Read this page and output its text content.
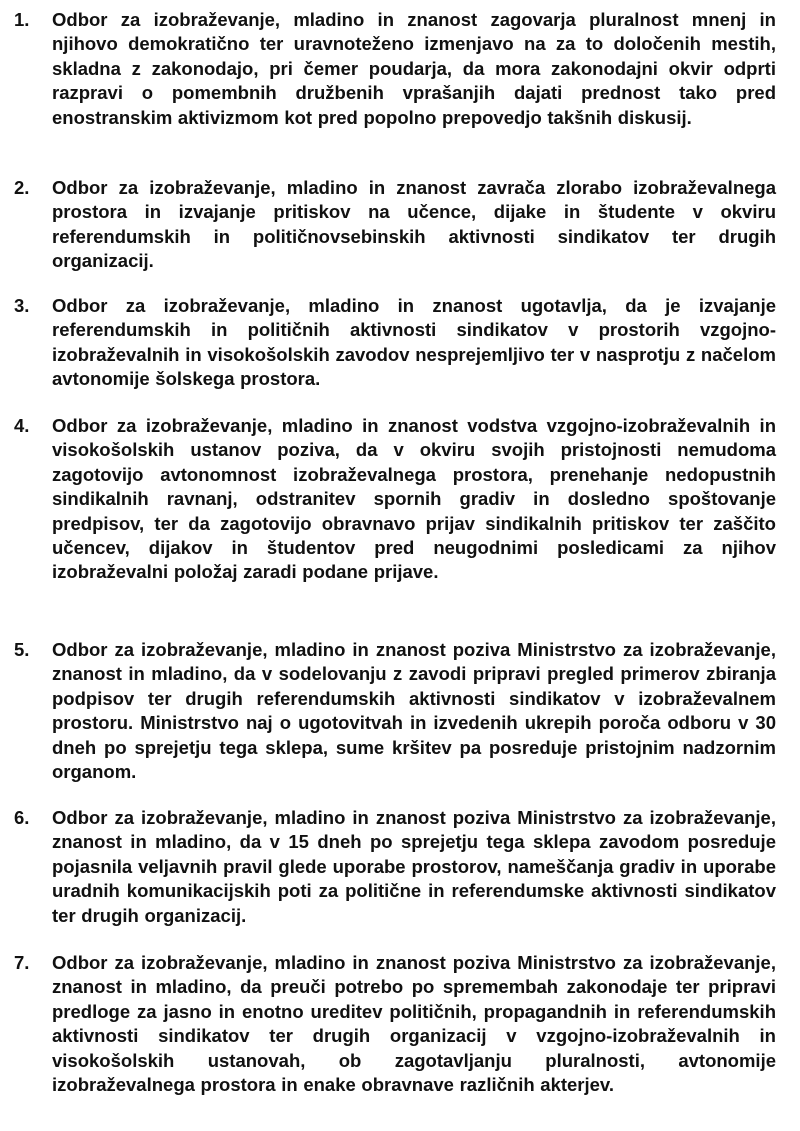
1.	Odbor za izobraževanje, mladino in znanost zagovarja pluralnost mnenj in njihovo demokratično ter uravnoteženo izmenjavo na za to določenih mestih, skladna z zakonodajo, pri čemer poudarja, da mora zakonodajni okvir odprti razpravi o pomembnih družbenih vprašanjih dajati prednost tako pred enostranskim aktivizmom kot pred popolno prepovedjo takšnih diskusij.
2.	Odbor za izobraževanje, mladino in znanost zavrača zlorabo izobraževalnega prostora in izvajanje pritiskov na učence, dijake in študente v okviru referendumskih in političnovsebinskih aktivnosti sindikatov ter drugih organizacij.
3.	Odbor za izobraževanje, mladino in znanost ugotavlja, da je izvajanje referendumskih in političnih aktivnosti sindikatov v prostorih vzgojno-izobraževalnih in visokošolskih zavodov nesprejemljivo ter v nasprotju z načelom avtonomije šolskega prostora.
4.	Odbor za izobraževanje, mladino in znanost vodstva vzgojno-izobraževalnih in visokošolskih ustanov poziva, da v okviru svojih pristojnosti nemudoma zagotovijo avtonomnost izobraževalnega prostora, prenehanje nedopustnih sindikalnih ravnanj, odstranitev spornih gradiv in dosledno spoštovanje predpisov, ter da zagotovijo obravnavo prijav sindikalnih pritiskov ter zaščito učencev, dijakov in študentov pred neugodnimi posledicami za njihov izobraževalni položaj zaradi podane prijave.
5.	Odbor za izobraževanje, mladino in znanost poziva Ministrstvo za izobraževanje, znanost in mladino, da v sodelovanju z zavodi pripravi pregled primerov zbiranja podpisov ter drugih referendumskih aktivnosti sindikatov v izobraževalnem prostoru. Ministrstvo naj o ugotovitvah in izvedenih ukrepih poroča odboru v 30 dneh po sprejetju tega sklepa, sume kršitev pa posreduje pristojnim nadzornim organom.
6.	Odbor za izobraževanje, mladino in znanost poziva Ministrstvo za izobraževanje, znanost in mladino, da v 15 dneh po sprejetju tega sklepa zavodom posreduje pojasnila veljavnih pravil glede uporabe prostorov, nameščanja gradiv in uporabe uradnih komunikacijskih poti za politične in referendumske aktivnosti sindikatov ter drugih organizacij.
7.	Odbor za izobraževanje, mladino in znanost poziva Ministrstvo za izobraževanje, znanost in mladino, da preuči potrebo po spremembah zakonodaje ter pripravi predloge za jasno in enotno ureditev političnih, propagandnih in referendumskih aktivnosti sindikatov ter drugih organizacij v vzgojno-izobraževalnih in visokošolskih ustanovah, ob zagotavljanju pluralnosti, avtonomije izobraževalnega prostora in enake obravnave različnih akterjev.
